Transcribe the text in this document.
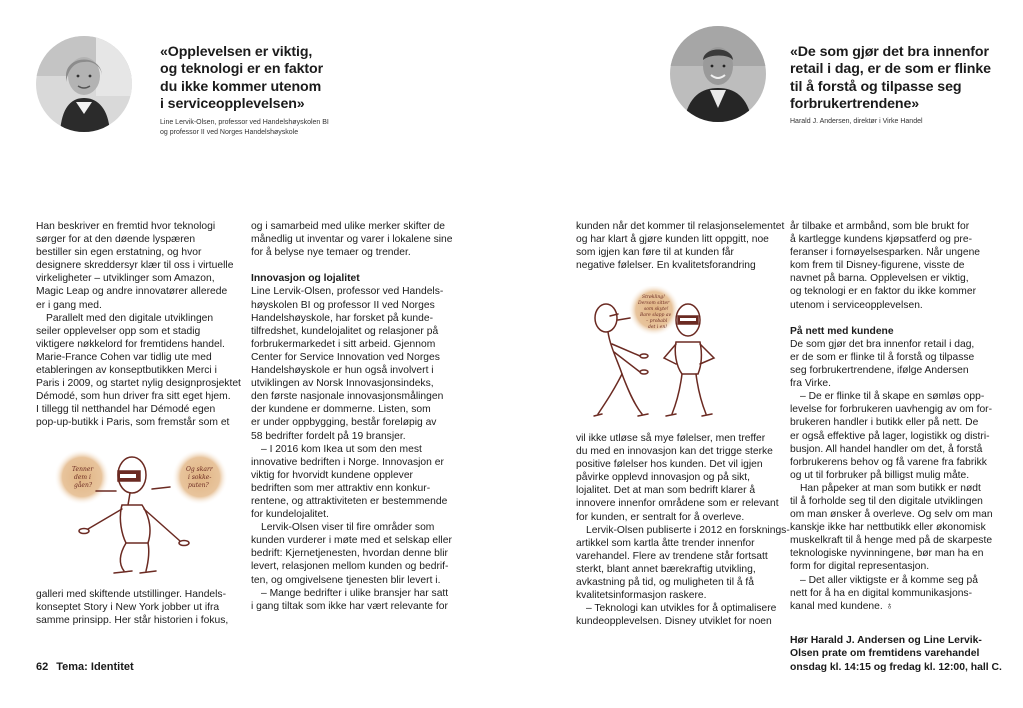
«Opplevelsen er viktig,
og teknologi er en faktor
du ikke kommer utenom
i serviceopplevelsen»
Line Lervik-Olsen, professor ved Handelshøyskolen BI
og professor II ved Norges Handelshøyskole
Han beskriver en fremtid hvor teknologi
sørger for at den døende lyspæren
bestiller sin egen erstatning, og hvor
designere skreddersyr klær til oss i virtuelle
virkeligheter – utviklinger som Amazon,
Magic Leap og andre innovatører allerede
er i gang med.
Parallelt med den digitale utviklingen
seiler opplevelser opp som et stadig
viktigere nøkkelord for fremtidens handel.
Marie-France Cohen var tidlig ute med
etableringen av konseptbutikken Merci i
Paris i 2009, og startet nylig designprosjektet
Démodé, som hun driver fra sitt eget hjem.
I tillegg til netthandel har Démodé egen
pop-up-butikk i Paris, som fremstår som et
Tenner
dem i
gåen?
Og skarr
i sokke-
puten?
galleri med skiftende utstillinger. Handels-
konseptet Story i New York jobber ut ifra
samme prinsipp. Her står historien i fokus,
og i samarbeid med ulike merker skifter de
månedlig ut inventar og varer i lokalene sine
for å belyse nye temaer og trender.
Innovasjon og lojalitet
Line Lervik-Olsen, professor ved Handels-
høyskolen BI og professor II ved Norges
Handelshøyskole, har forsket på kunde-
tilfredshet, kundelojalitet og relasjoner på
forbrukermarkedet i sitt arbeid. Gjennom
Center for Service Innovation ved Norges
Handelshøyskole er hun også involvert i
utviklingen av Norsk Innovasjonsindeks,
den første nasjonale innovasjonsmålingen
der kundene er dommerne. Listen, som
er under oppbygging, består foreløpig av
58 bedrifter fordelt på 19 bransjer.
– I 2016 kom Ikea ut som den mest
innovative bedriften i Norge. Innovasjon er
viktig for hvorvidt kundene opplever
bedriften som mer attraktiv enn konkur-
rentene, og attraktiviteten er bestemmende
for kundelojalitet.
Lervik-Olsen viser til fire områder som
kunden vurderer i møte med et selskap eller
bedrift: Kjernetjenesten, hvordan denne blir
levert, relasjonen mellom kunden og bedrif-
ten, og omgivelsene tjenesten blir levert i.
– Mange bedrifter i ulike bransjer har satt
i gang tiltak som ikke har vært relevante for
62 Tema: Identitet
«De som gjør det bra innenfor
retail i dag, er de som er flinke
til å forstå og tilpasse seg
forbrukertrendene»
Harald J. Andersen, direktør i Virke Handel
kunden når det kommer til relasjonselementet
og har klart å gjøre kunden litt oppgitt, noe
som igjen kan føre til at kunden får
negative følelser. En kvalitetsforandring
Strøkling!
Dersom sitter
som skyte!
Bare slapp av
– probabl
det i en!
vil ikke utløse så mye følelser, men treffer
du med en innovasjon kan det trigge sterke
positive følelser hos kunden. Det vil igjen
påvirke opplevd innovasjon og på sikt,
lojalitet. Det at man som bedrift klarer å
innovere innenfor områdene som er relevant
for kunden, er sentralt for å overleve.
Lervik-Olsen publiserte i 2012 en forsknings-
artikkel som kartla åtte trender innenfor
varehandel. Flere av trendene står fortsatt
sterkt, blant annet bærekraftig utvikling,
avkastning på tid, og muligheten til å få
kvalitetsinformasjon raskere.
– Teknologi kan utvikles for å optimalisere
kundeopplevelsen. Disney utviklet for noen
år tilbake et armbånd, som ble brukt for
å kartlegge kundens kjøpsatferd og pre-
feranser i fornøyelsesparken. Når ungene
kom frem til Disney-figurene, visste de
navnet på barna. Opplevelsen er viktig,
og teknologi er en faktor du ikke kommer
utenom i serviceopplevelsen.
På nett med kundene
De som gjør det bra innenfor retail i dag,
er de som er flinke til å forstå og tilpasse
seg forbrukertrendene, ifølge Andersen
fra Virke.
– De er flinke til å skape en sømløs opp-
levelse for forbrukeren uavhengig av om for-
brukeren handler i butikk eller på nett. De
er også effektive på lager, logistikk og distri-
busjon. All handel handler om det, å forstå
forbrukerens behov og få varene fra fabrikk
og ut til forbruker på billigst mulig måte.
Han påpeker at man som butikk er nødt
til å forholde seg til den digitale utviklingen
om man ønsker å overleve. Og selv om man
kanskje ikke har nettbutikk eller økonomisk
muskelkraft til å henge med på de skarpeste
teknologiske nyvinningene, bør man ha en
form for digital representasjon.
– Det aller viktigste er å komme seg på
nett for å ha en digital kommunikasjons-
kanal med kundene. ♁
Hør Harald J. Andersen og Line Lervik-
Olsen prate om fremtidens varehandel
onsdag kl. 14:15 og fredag kl. 12:00, hall C.
